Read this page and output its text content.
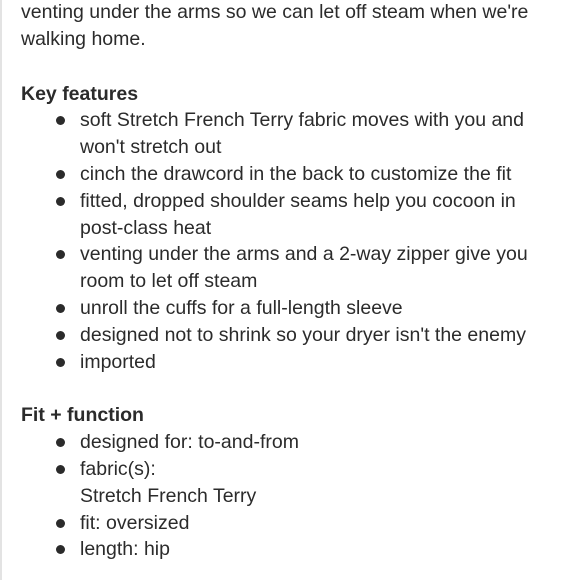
venting under the arms so we can let off steam when we're
walking home.

Key features
soft Stretch French Terry fabric moves with you and
won't stretch out
cinch the drawcord in the back to customize the fit
fitted, dropped shoulder seams help you cocoon in
post-class heat
venting under the arms and a 2-way zipper give you
room to let off steam
unroll the cuffs for a full-length sleeve
designed not to shrink so your dryer isn't the enemy
imported
Fit + function
designed for: to-and-from
fabric(s):
Stretch French Terry
fit: oversized
length: hip
